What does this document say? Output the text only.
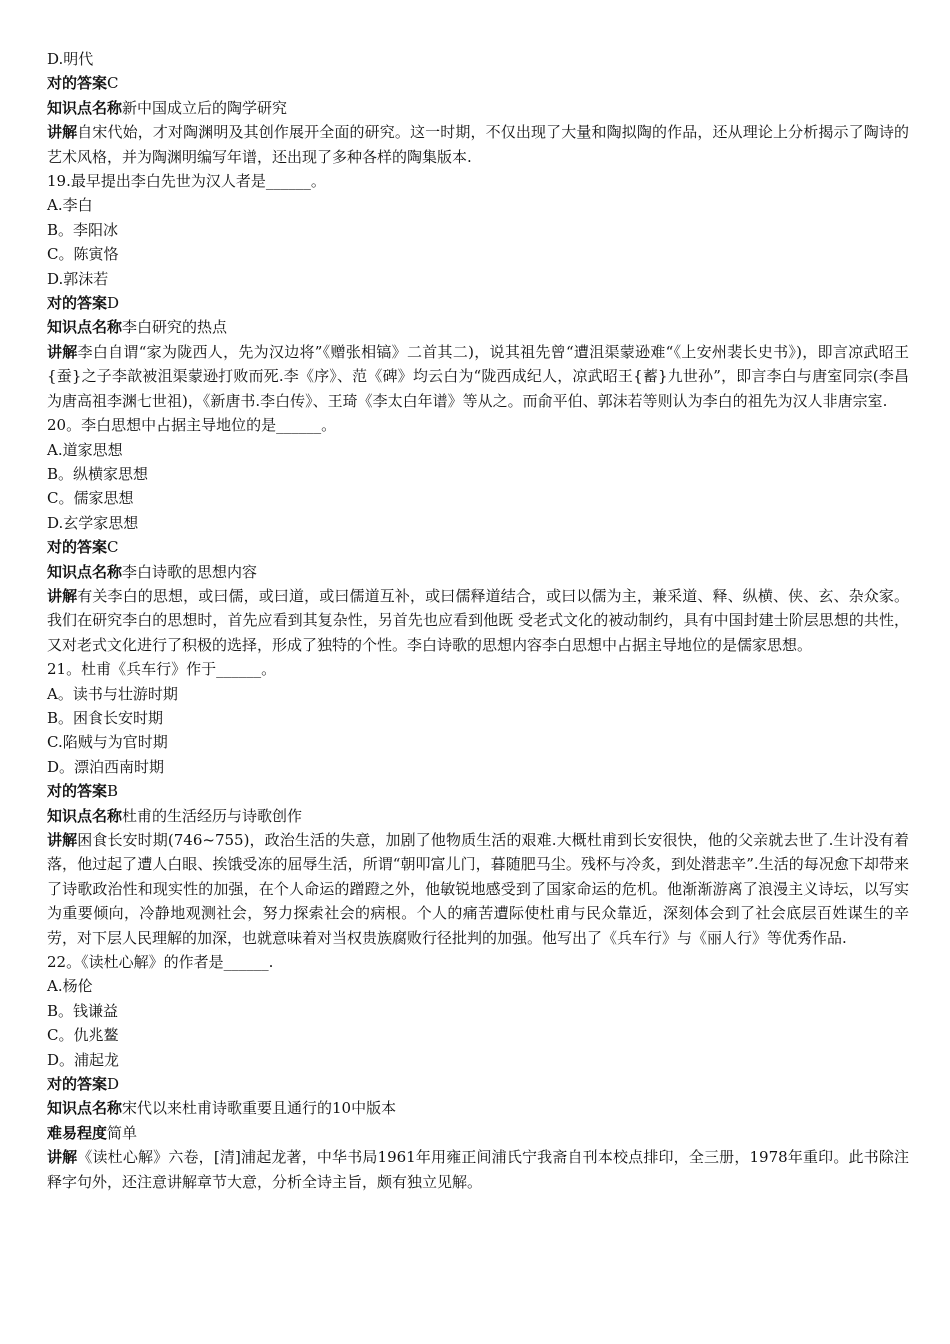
D.明代

对的答案C

知识点名称新中国成立后的陶学研究

讲解自宋代始，才对陶渊明及其创作展开全面的研究。这一时期，不仅出现了大量和陶拟陶的作品，还从理论上分析揭示了陶诗的艺术风格，并为陶渊明编写年谱，还出现了多种各样的陶集版本.

19.最早提出李白先世为汉人者是______。

A.李白

B。李阳冰

C。陈寅恪

D.郭沫若

对的答案D

知识点名称李白研究的热点

讲解李白自谓“家为陇西人，先为汉边将”《赠张相镐》二首其二)，说其祖先曾“遭沮渠蒙逊难“《上安州裴长史书》)，即言凉武昭王{蚕}之子李歆被沮渠蒙逊打败而死.李《序》、范《碑》均云白为“陇西成纪人，凉武昭王{蓄}九世孙”，即言李白与唐室同宗(李昌为唐高祖李渊七世祖)，《新唐书.李白传》、王琦《李太白年谱》等从之。而俞平伯、郭沫若等则认为李白的祖先为汉人非唐宗室.

20。李白思想中占据主导地位的是______。

A.道家思想

B。纵横家思想

C。儒家思想

D.玄学家思想

对的答案C

知识点名称李白诗歌的思想内容

讲解有关李白的思想，或曰儒，或曰道，或曰儒道互补，或曰儒释道结合，或曰以儒为主，兼采道、释、纵横、侠、玄、杂众家。我们在研究李白的思想时，首先应看到其复杂性，另首先也应看到他既 受老式文化的被动制约，具有中国封建士阶层思想的共性，又对老式文化进行了积极的选择，形成了独特的个性。李白诗歌的思想内容李白思想中占据主导地位的是儒家思想。

21。杜甫《兵车行》作于______。

A。读书与壮游时期

B。困食长安时期

C.陷贼与为官时期

D。漂泊西南时期

对的答案B

知识点名称杜甫的生活经历与诗歌创作

讲解困食长安时期(746~755)，政治生活的失意，加剧了他物质生活的艰难.大概杜甫到长安很快，他的父亲就去世了.生计没有着落，他过起了遭人白眼、挨饿受冻的屈辱生活，所谓“朝叩富儿门，暮随肥马尘。残杯与冷炙，到处潜悲辛”.生活的每况愈下却带来了诗歌政治性和现实性的加强，在个人命运的蹭蹬之外，他敏锐地感受到了国家命运的危机。他渐渐游离了浪漫主义诗坛，以写实为重要倾向，冷静地观测社会，努力探索社会的病根。个人的痛苦遭际使杜甫与民众靠近，深刻体会到了社会底层百姓谋生的辛劳，对下层人民理解的加深，也就意味着对当权贵族腐败行径批判的加强。他写出了《兵车行》与《丽人行》等优秀作品.

22。《读杜心解》的作者是______.

A.杨伦

B。钱谦益

C。仇兆鳌

D。浦起龙

对的答案D

知识点名称宋代以来杜甫诗歌重要且通行的10中版本

难易程度简单

讲解《读杜心解》六卷，[清]浦起龙著，中华书局1961年用雍正间浦氏宁我斋自刊本校点排印，全三册，1978年重印。此书除注释字句外，还注意讲解章节大意，分析全诗主旨，颇有独立见解。
